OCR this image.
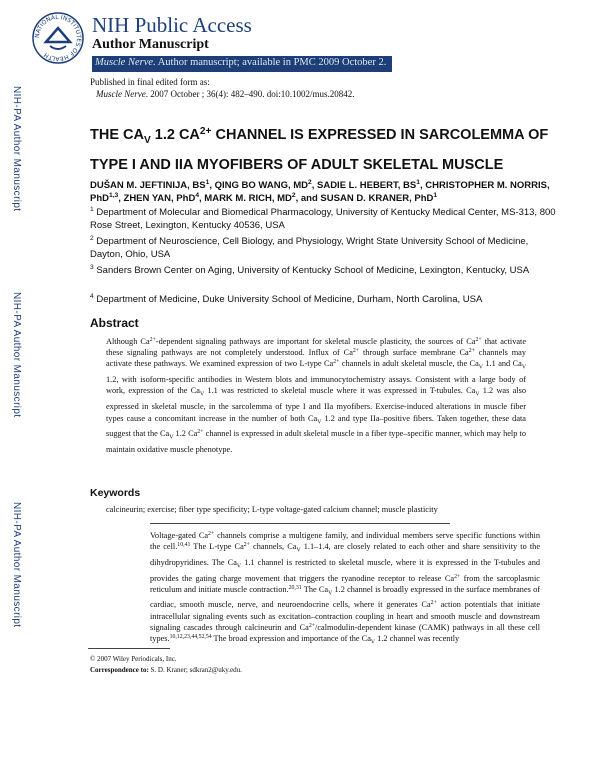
NATIONAL INSTITUTES OF HEALTH
NIH Public Access
Author Manuscript
Muscle Nerve. Author manuscript; available in PMC 2009 October 2.
Published in final edited form as:
Muscle Nerve. 2007 October ; 36(4): 482–490. doi:10.1002/mus.20842.
NIH-PA Author Manuscript
NIH-PA Author Manuscript
NIH-PA Author Manuscript
THE $CA_V$ 1.2 $CA^{2+}$ CHANNEL IS EXPRESSED IN SARCOLEMMA OF
TYPE I AND IIA MYOFIBERS OF ADULT SKELETAL MUSCLE
DUŠAN M. JEFTINIJA, $BS^1$, QING BO WANG, $MD^2$, SADIE L. HEBERT, $BS^1$, CHRISTOPHER M. NORRIS, PhD$^{1,3}$, ZHEN YAN, PhD$^4$, MARK M. RICH, $MD^2$, and SUSAN D. KRANER, PhD$^1$
$^1$ Department of Molecular and Biomedical Pharmacology, University of Kentucky Medical Center, MS-313, 800 Rose Street, Lexington, Kentucky 40536, USA
$^2$ Department of Neuroscience, Cell Biology, and Physiology, Wright State University School of Medicine, Dayton, Ohio, USA
$^3$ Sanders Brown Center on Aging, University of Kentucky School of Medicine, Lexington, Kentucky, USA
$^4$ Department of Medicine, Duke University School of Medicine, Durham, North Carolina, USA
Abstract
Although $Ca^{2+}$-dependent signaling pathways are important for skeletal muscle plasticity, the sources of $Ca^{2+}$ that activate these signaling pathways are not completely understood. Influx of $Ca^{2+}$ through surface membrane $Ca^{2+}$ channels may activate these pathways. We examined expression of two L-type $Ca^{2+}$ channels in adult skeletal muscle, the $Ca_V$ 1.1 and $Ca_V$ 1.2, with isoform-specific antibodies in Western blots and immunocytochemistry assays. Consistent with a large body of work, expression of the $Ca_V$ 1.1 was restricted to skeletal muscle where it was expressed in T-tubules. $Ca_V$ 1.2 was also expressed in skeletal muscle, in the sarcolemma of type I and IIa myofibers. Exercise-induced alterations in muscle fiber types cause a concomitant increase in the number of both $Ca_V$ 1.2 and type IIa–positive fibers. Taken together, these data suggest that the $Ca_V$ 1.2 $Ca^{2+}$ channel is expressed in adult skeletal muscle in a fiber type–specific manner, which may help to maintain oxidative muscle phenotype.
Keywords
calcineurin; exercise; fiber type specificity; L-type voltage-gated calcium channel; muscle plasticity
Voltage-gated $Ca^{2+}$ channels comprise a multigene family, and individual members serve specific functions within the cell.$^{10,41}$ The L-type $Ca^{2+}$ channels, $Ca_V$ 1.1–1.4, are closely related to each other and share sensitivity to the dihydropyridines. The $Ca_V$ 1.1 channel is restricted to skeletal muscle, where it is expressed in the T-tubules and provides the gating charge movement that triggers the ryanodine receptor to release $Ca^{2+}$ from the sarcoplasmic reticulum and initiate muscle contraction.$^{20,31}$ The $Ca_V$ 1.2 channel is broadly expressed in the surface membranes of cardiac, smooth muscle, nerve, and neuroendocrine cells, where it generates $Ca^{2+}$ action potentials that initiate intracellular signaling events such as excitation–contraction coupling in heart and smooth muscle and downstream signaling cascades through calcineurin and $Ca^{2+}/calmodulin$-dependent kinase (CAMK) pathways in all these cell types.$^{10,12,23,44,52,54}$ The broad expression and importance of the $Ca_V$ 1.2 channel was recently
© 2007 Wiley Periodicals, Inc.
Correspondence to: S. D. Kraner; sdkran2@uky.edu.
